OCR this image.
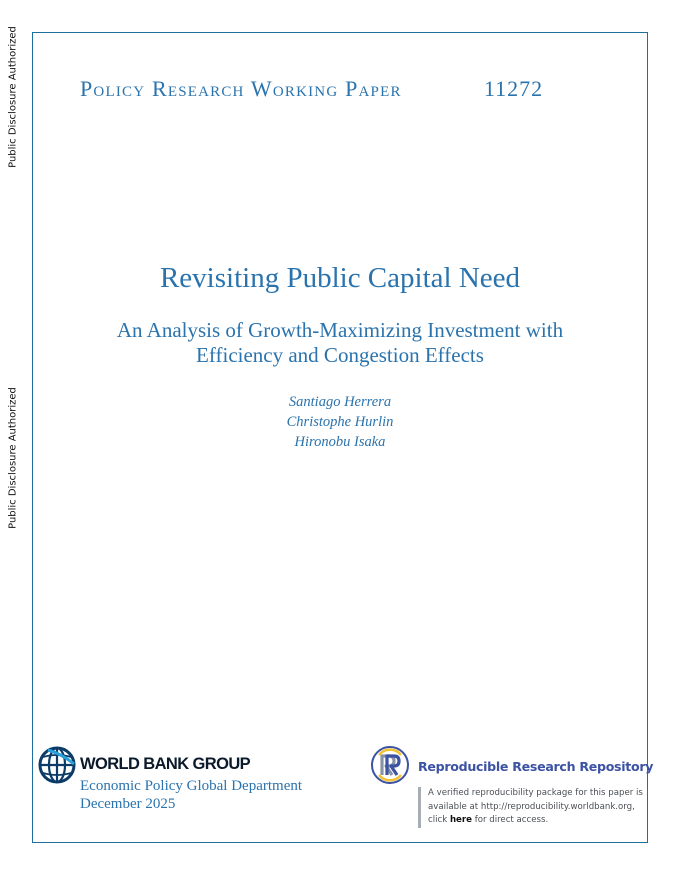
Public Disclosure Authorized
Public Disclosure Authorized
Policy Research Working Paper	11272
Revisiting Public Capital Need
An Analysis of Growth-Maximizing Investment with
Efficiency and Congestion Effects
Santiago Herrera
Christophe Hurlin
Hironobu Isaka
WORLD BANK GROUP
Economic Policy Global Department
December 2025
Reproducible Research Repository
A verified reproducibility package for this paper is available at http://reproducibility.worldbank.org, click here for direct access.
